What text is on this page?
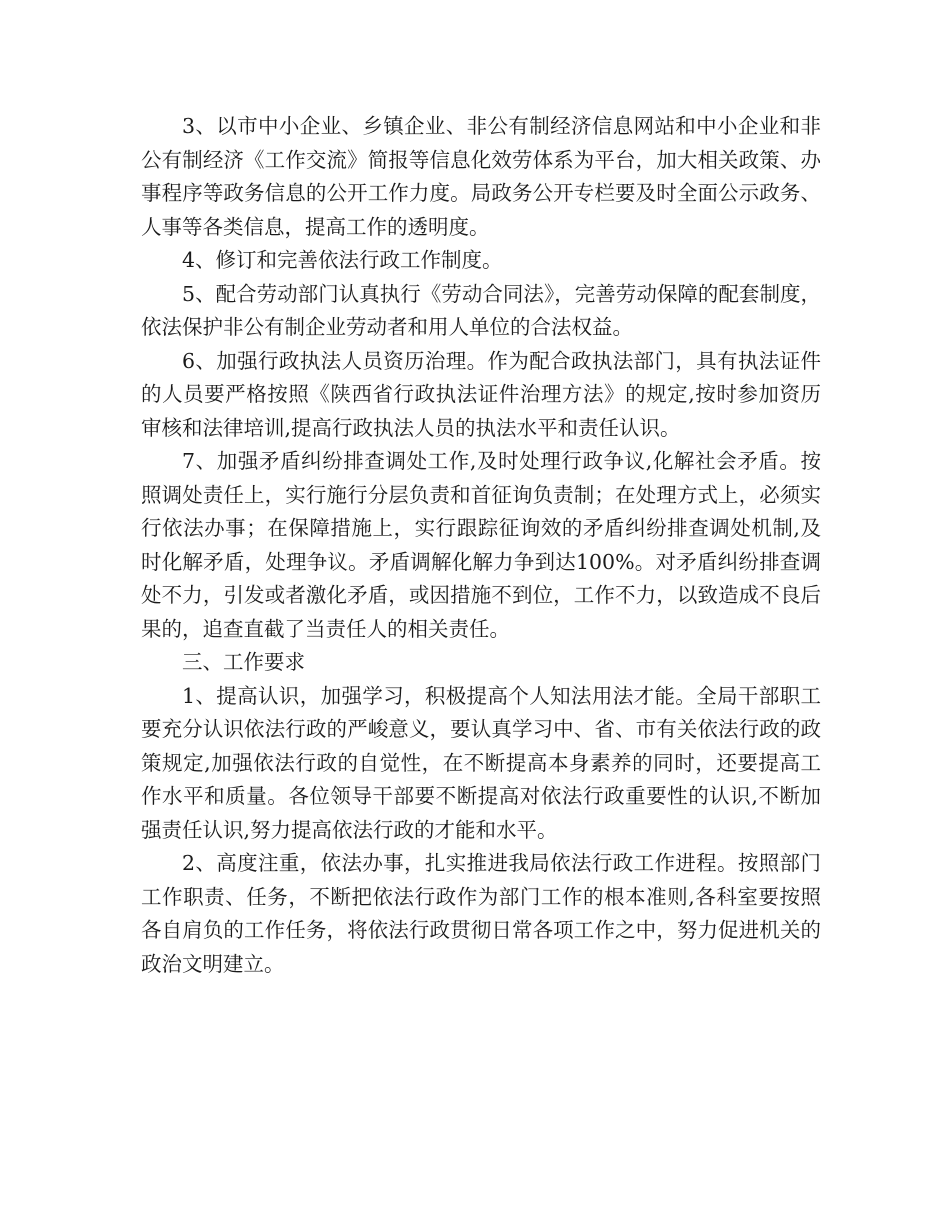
3、以市中小企业、乡镇企业、非公有制经济信息网站和中小企业和非公有制经济《工作交流》简报等信息化效劳体系为平台，加大相关政策、办事程序等政务信息的公开工作力度。局政务公开专栏要及时全面公示政务、人事等各类信息，提高工作的透明度。

4、修订和完善依法行政工作制度。

5、配合劳动部门认真执行《劳动合同法》，完善劳动保障的配套制度，依法保护非公有制企业劳动者和用人单位的合法权益。

6、加强行政执法人员资历治理。作为配合政执法部门，具有执法证件的人员要严格按照《陕西省行政执法证件治理方法》的规定,按时参加资历审核和法律培训,提高行政执法人员的执法水平和责任认识。

7、加强矛盾纠纷排查调处工作,及时处理行政争议,化解社会矛盾。按照调处责任上，实行施行分层负责和首征询负责制；在处理方式上，必须实行依法办事；在保障措施上，实行跟踪征询效的矛盾纠纷排查调处机制,及时化解矛盾，处理争议。矛盾调解化解力争到达100%。对矛盾纠纷排查调处不力，引发或者激化矛盾，或因措施不到位，工作不力，以致造成不良后果的，追查直截了当责任人的相关责任。

三、工作要求

1、提高认识，加强学习，积极提高个人知法用法才能。全局干部职工要充分认识依法行政的严峻意义，要认真学习中、省、市有关依法行政的政策规定,加强依法行政的自觉性，在不断提高本身素养的同时，还要提高工作水平和质量。各位领导干部要不断提高对依法行政重要性的认识,不断加强责任认识,努力提高依法行政的才能和水平。

2、高度注重，依法办事，扎实推进我局依法行政工作进程。按照部门工作职责、任务，不断把依法行政作为部门工作的根本准则,各科室要按照各自肩负的工作任务，将依法行政贯彻日常各项工作之中，努力促进机关的政治文明建立。
